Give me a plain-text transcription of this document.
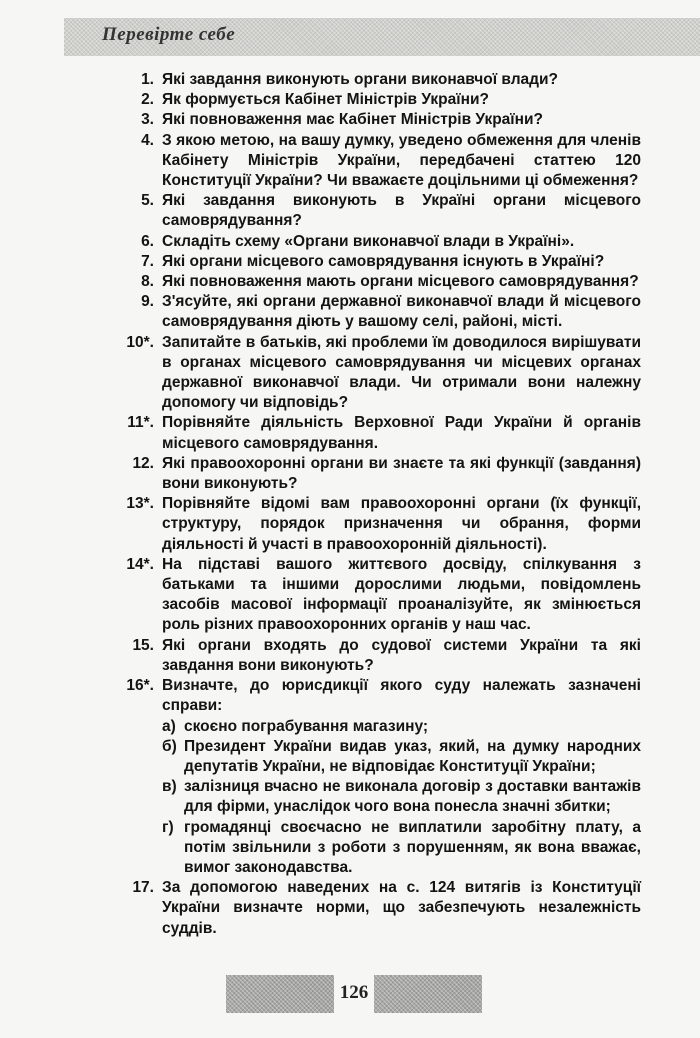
Перевірте себе
1. Які завдання виконують органи виконавчої влади?
2. Як формується Кабінет Міністрів України?
3. Які повноваження має Кабінет Міністрів України?
4. З якою метою, на вашу думку, уведено обмеження для членів Кабінету Міністрів України, передбачені статтею 120 Конституції України? Чи вважаєте доцільними ці обмеження?
5. Які завдання виконують в Україні органи місцевого самоврядування?
6. Складіть схему «Органи виконавчої влади в Україні».
7. Які органи місцевого самоврядування існують в Україні?
8. Які повноваження мають органи місцевого самоврядування?
9. З'ясуйте, які органи державної виконавчої влади й місцевого самоврядування діють у вашому селі, районі, місті.
10*. Запитайте в батьків, які проблеми їм доводилося вирішувати в органах місцевого самоврядування чи місцевих органах державної виконавчої влади. Чи отримали вони належну допомогу чи відповідь?
11*. Порівняйте діяльність Верховної Ради України й органів місцевого самоврядування.
12. Які правоохоронні органи ви знаєте та які функції (завдання) вони виконують?
13*. Порівняйте відомі вам правоохоронні органи (їх функції, структуру, порядок призначення чи обрання, форми діяльності й участі в правоохоронній діяльності).
14*. На підставі вашого життєвого досвіду, спілкування з батьками та іншими дорослими людьми, повідомлень засобів масової інформації проаналізуйте, як змінюється роль різних правоохоронних органів у наш час.
15. Які органи входять до судової системи України та які завдання вони виконують?
16*. Визначте, до юрисдикції якого суду належать зазначені справи:
а) скоєно пограбування магазину;
б) Президент України видав указ, який, на думку народних депутатів України, не відповідає Конституції України;
в) залізниця вчасно не виконала договір з доставки вантажів для фірми, унаслідок чого вона понесла значні збитки;
г) громадянці своєчасно не виплатили заробітну плату, а потім звільнили з роботи з порушенням, як вона вважає, вимог законодавства.
17. За допомогою наведених на с. 124 витягів із Конституції України визначте норми, що забезпечують незалежність суддів.
126
